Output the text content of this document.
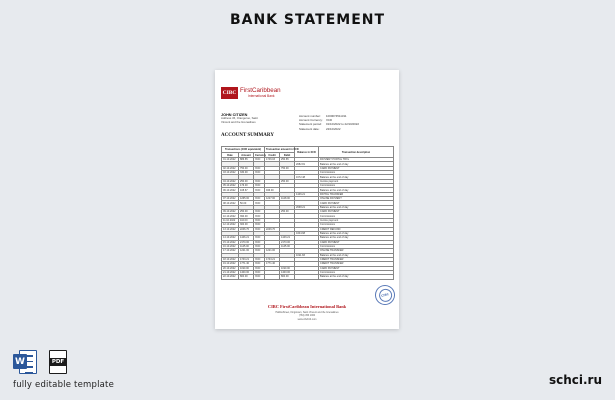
BANK STATEMENT
CIBC FirstCaribbean
International Bank
JOHN CITIZEN
Address 45, Orangeroo, Saint
Vincent and the Grenadines
Account number:	1000074511311
Account Currency:	XCD
Statement period:	01/10/2022 to 22/10/2022
Statement date:	22/10/2022
ACCOUNT SUMMARY
Transactions (XCD equivalent)			Transaction amount in XCD		Balance in XCD	Transaction description
Date	Amount	Currency	Credit	Debit		
01.10.2022	886.65	XCD	1746.03	250.65		PAYMENT PORTAL TRXL
					2082.81	Balance at the end of day
02.10.2022	750.00	XCD		750.00		CARD PAYMENT
03.10.2022	330.00	XCD				Commissions
					1672.48	Balance at the end of day
04.10.2022	250.00	XCD		250.00		Invoice payment
05.10.2022	176.00	XCD				Commissions
06.10.2022	108.67	XCD	946.00			Balance at the end of day
					1446.21	PAYPAL TRANSFER
07.10.2022	1265.00	XCD	1227.00	1128.00		ONLINE PAYMENT
08.10.2022	50.00	XCD				CARD PAYMENT
					2668.21	Balance at the end of day
09.10.2022	250.00	XCD		250.00		CARD PAYMENT
10.10.2022	390.00	XCD				Commissions
11.10.2022	110.00	XCD				Invoice payment
12.10.2022	300.00	XCD				Commissions
13.10.2022	2246.70	XCD	2246.70			CREDIT REFUND
					4344.68	Balance at the end of day
14.10.2022	1446.21	XCD		1446.21		Balance at the end of day
15.10.2022	2170.00	XCD		2170.00		CARD PAYMENT
16.10.2022	1145.00	XCD		1145.00		Commissions
17.10.2022	1221.00	XCD	1221.00			ONLINE TRANSFER
					1191.83	Balance at the end of day
18.10.2022	1743.21	XCD	1743.21			CREDIT TRANSFER
19.10.2022	1771.40	XCD	1771.40			CREDIT TRANSFER
20.10.2022	1190.00	XCD		1190.00		CARD PAYMENT
21.10.2022	1400.00	XCD		1400.00		Commissions
22.10.2022	800.00	XCD		800.00		Balance at the end of day
CIBC
CIBC FirstCaribbean International Bank
HalifaxStreet, Kingstown, Saint Vincent and the Grenadines
(784) 456 1000
www.cibcfcib.com
W	PDF
fully editable template	schci.ru
